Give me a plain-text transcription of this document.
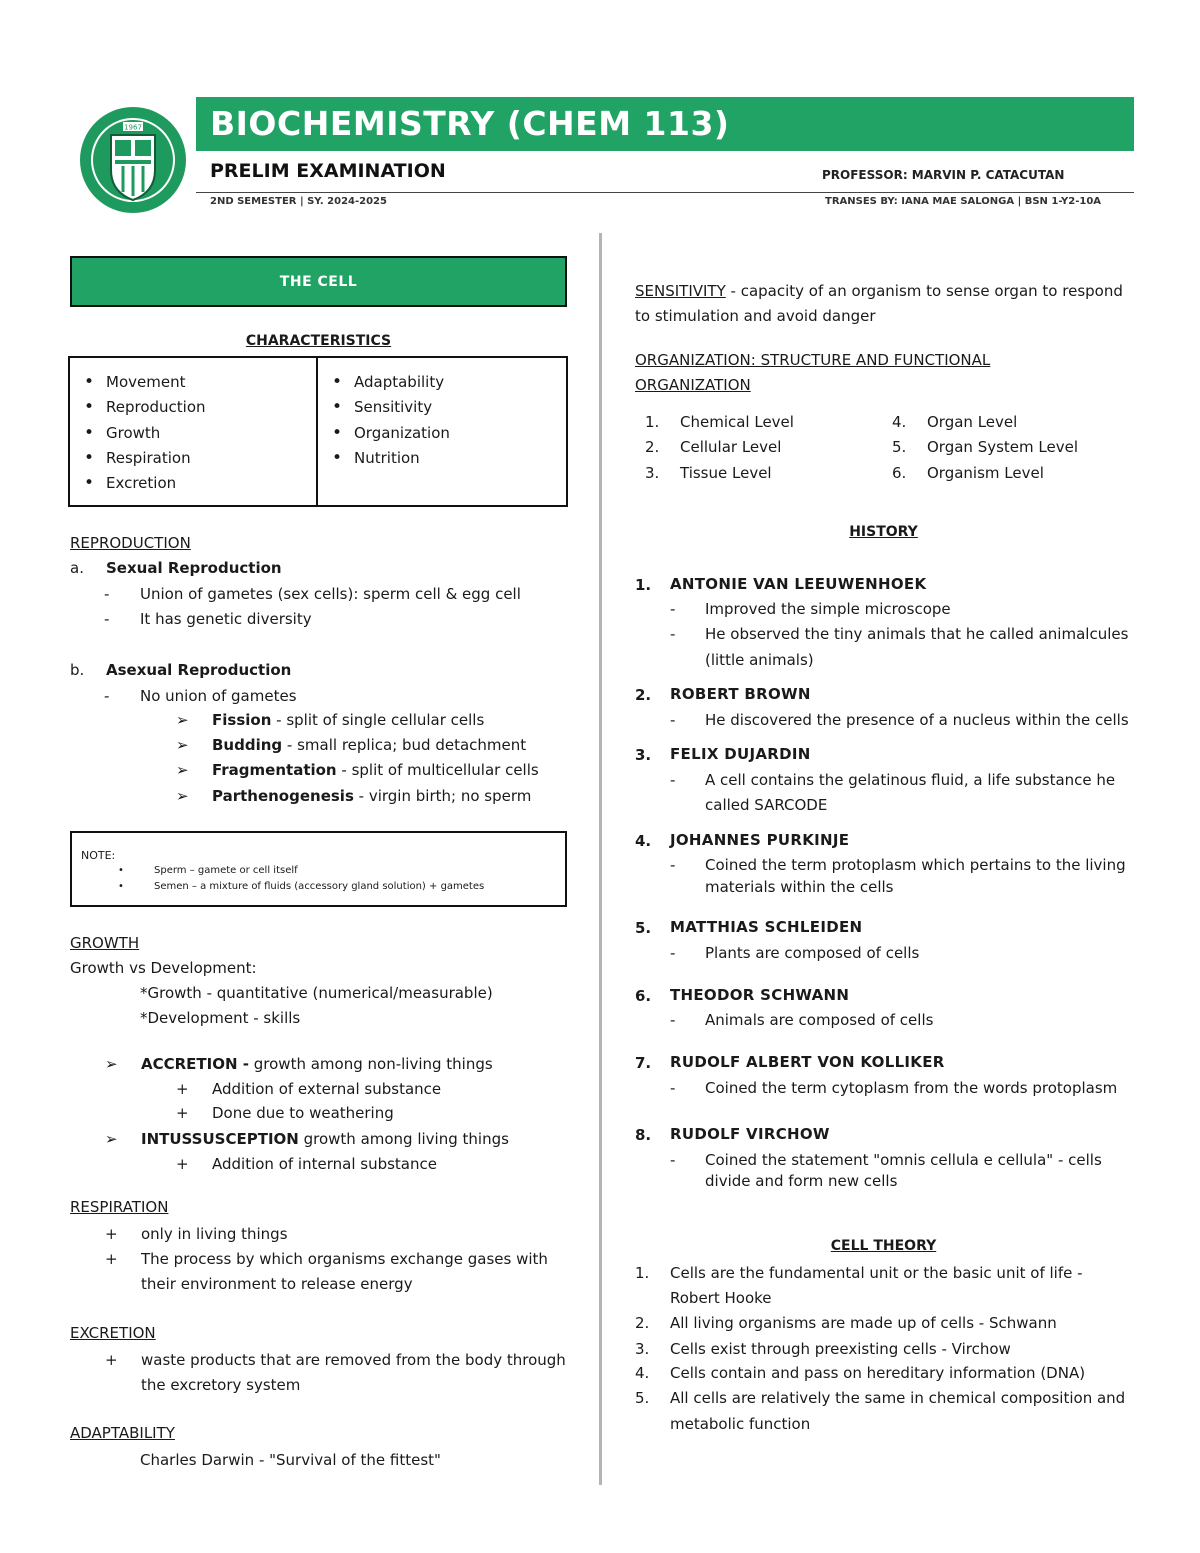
1967 BIOCHEMISTRY (CHEM 113)
PRELIM EXAMINATION	PROFESSOR: MARVIN P. CATACUTAN
2ND SEMESTER | SY. 2024-2025	TRANSES BY: IANA MAE SALONGA | BSN 1-Y2-10A
THE CELL
CHARACTERISTICS
• Movement
• Reproduction
• Growth
• Respiration
• Excretion
• Adaptability
• Sensitivity
• Organization
• Nutrition
REPRODUCTION
a. Sexual Reproduction
- Union of gametes (sex cells): sperm cell & egg cell
- It has genetic diversity
b. Asexual Reproduction
- No union of gametes
➢ Fission - split of single cellular cells
➢ Budding - small replica; bud detachment
➢ Fragmentation - split of multicellular cells
➢ Parthenogenesis - virgin birth; no sperm
NOTE:
•	Sperm – gamete or cell itself
•	Semen – a mixture of fluids (accessory gland solution) + gametes
GROWTH
Growth vs Development:
*Growth - quantitative (numerical/measurable)
*Development - skills
➢ ACCRETION - growth among non-living things
+ Addition of external substance
+ Done due to weathering
➢ INTUSSUSCEPTION growth among living things
+ Addition of internal substance
RESPIRATION
+ only in living things
+ The process by which organisms exchange gases with
their environment to release energy
EXCRETION
+ waste products that are removed from the body through
the excretory system
ADAPTABILITY
Charles Darwin - "Survival of the fittest"
SENSITIVITY - capacity of an organism to sense organ to respond
to stimulation and avoid danger
ORGANIZATION: STRUCTURE AND FUNCTIONAL
ORGANIZATION
1. Chemical Level
2. Cellular Level
3. Tissue Level
4. Organ Level
5. Organ System Level
6. Organism Level
HISTORY
1. ANTONIE VAN LEEUWENHOEK
- Improved the simple microscope
- He observed the tiny animals that he called animalcules
(little animals)
2. ROBERT BROWN
- He discovered the presence of a nucleus within the cells
3. FELIX DUJARDIN
- A cell contains the gelatinous fluid, a life substance he
called SARCODE
4. JOHANNES PURKINJE
- Coined the term protoplasm which pertains to the living
materials within the cells
5. MATTHIAS SCHLEIDEN
- Plants are composed of cells
6. THEODOR SCHWANN
- Animals are composed of cells
7. RUDOLF ALBERT VON KOLLIKER
- Coined the term cytoplasm from the words protoplasm
8. RUDOLF VIRCHOW
- Coined the statement "omnis cellula e cellula" - cells
divide and form new cells
CELL THEORY
1. Cells are the fundamental unit or the basic unit of life -
Robert Hooke
2. All living organisms are made up of cells - Schwann
3. Cells exist through preexisting cells - Virchow
4. Cells contain and pass on hereditary information (DNA)
5. All cells are relatively the same in chemical composition and
metabolic function
